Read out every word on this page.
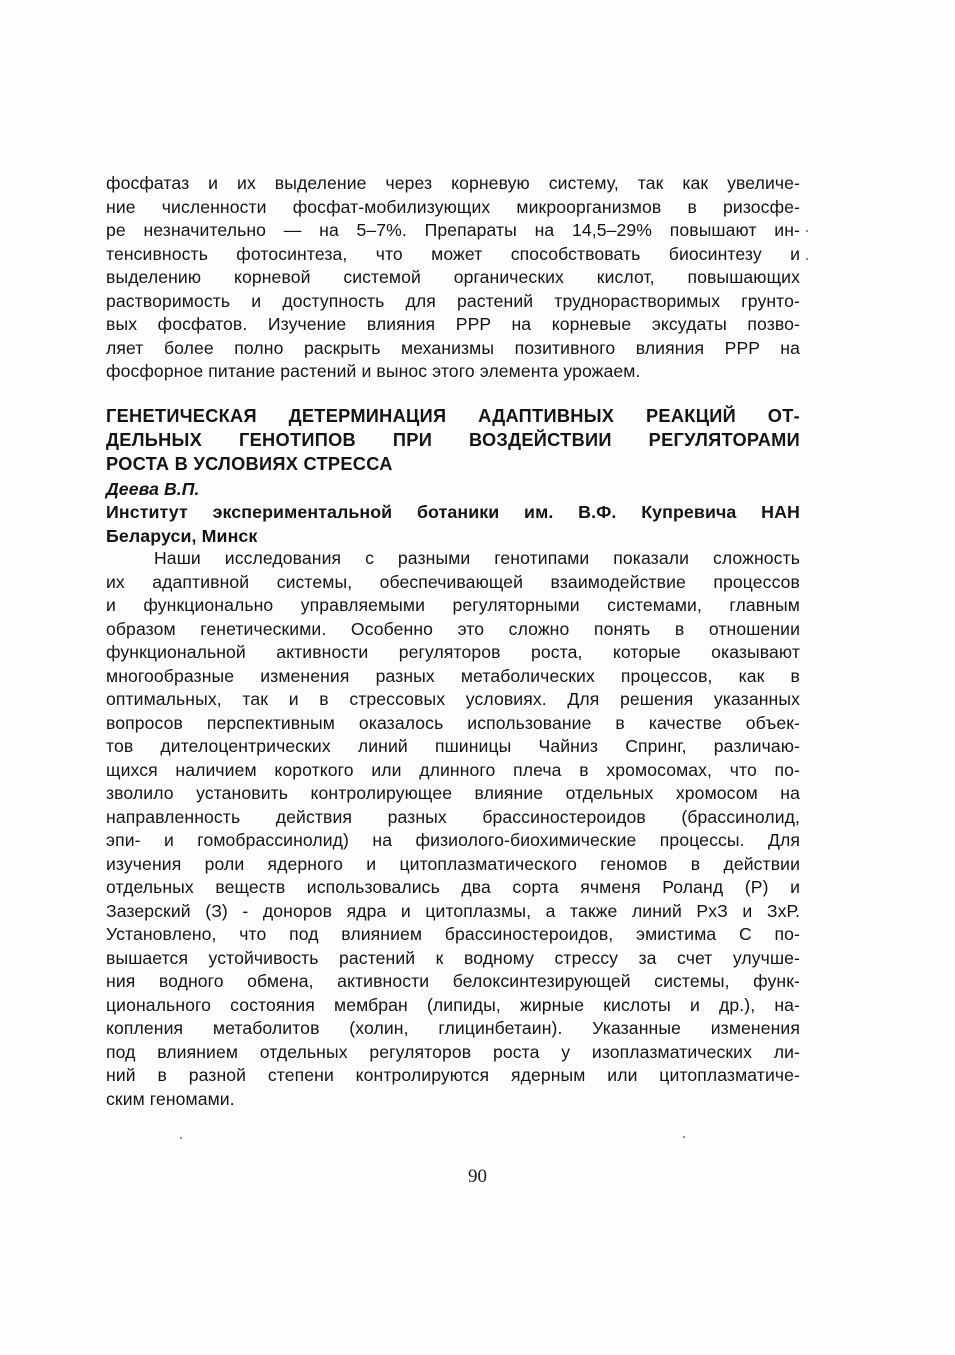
фосфатаз и их выделение через корневую систему, так как увеличе-
ние численности фосфат-мобилизующих микроорганизмов в ризосфе-
ре незначительно — на 5–7%. Препараты на 14,5–29% повышают ин-
тенсивность фотосинтеза, что может способствовать биосинтезу и
выделению корневой системой органических кислот, повышающих
растворимость и доступность для растений труднорастворимых грунто-
вых фосфатов. Изучение влияния PPP на корневые эксудаты позво-
ляет более полно раскрыть механизмы позитивного влияния PPP на
фосфорное питание растений и вынос этого элемента урожаем.
ГЕНЕТИЧЕСКАЯ ДЕТЕРМИНАЦИЯ АДАПТИВНЫХ РЕАКЦИЙ ОТ-
ДЕЛЬНЫХ ГЕНОТИПОВ ПРИ ВОЗДЕЙСТВИИ РЕГУЛЯТОРАМИ
РОСТА В УСЛОВИЯХ СТРЕССА
Деева В.П.
Институт экспериментальной ботаники им. В.Ф. Купревича НАН
Беларуси, Минск
Наши исследования с разными генотипами показали сложность
их адаптивной системы, обеспечивающей взаимодействие процессов
и функционально управляемыми регуляторными системами, главным
образом генетическими. Особенно это сложно понять в отношении
функциональной активности регуляторов роста, которые оказывают
многообразные изменения разных метаболических процессов, как в
оптимальных, так и в стрессовых условиях. Для решения указанных
вопросов перспективным оказалось использование в качестве объек-
тов дителоцентрических линий пшиницы Чайниз Спринг, различаю-
щихся наличием короткого или длинного плеча в хромосомах, что по-
зволило установить контролирующее влияние отдельных хромосом на
направленность действия разных брассиностероидов (брассинолид,
эпи- и гомобрассинолид) на физиолого-биохимические процессы. Для
изучения роли ядерного и цитоплазматического геномов в действии
отдельных веществ использовались два сорта ячменя Роланд (Р) и
Зазерский (З) - доноров ядра и цитоплазмы, а также линий РхЗ и ЗхР.
Установлено, что под влиянием брассиностероидов, эмистима С по-
вышается устойчивость растений к водному стрессу за счет улучше-
ния водного обмена, активности белоксинтезирующей системы, функ-
ционального состояния мембран (липиды, жирные кислоты и др.), на-
копления метаболитов (холин, глицинбетаин). Указанные изменения
под влиянием отдельных регуляторов роста у изоплазматических ли-
ний в разной степени контролируются ядерным или цитоплазматиче-
ским геномами.
90
